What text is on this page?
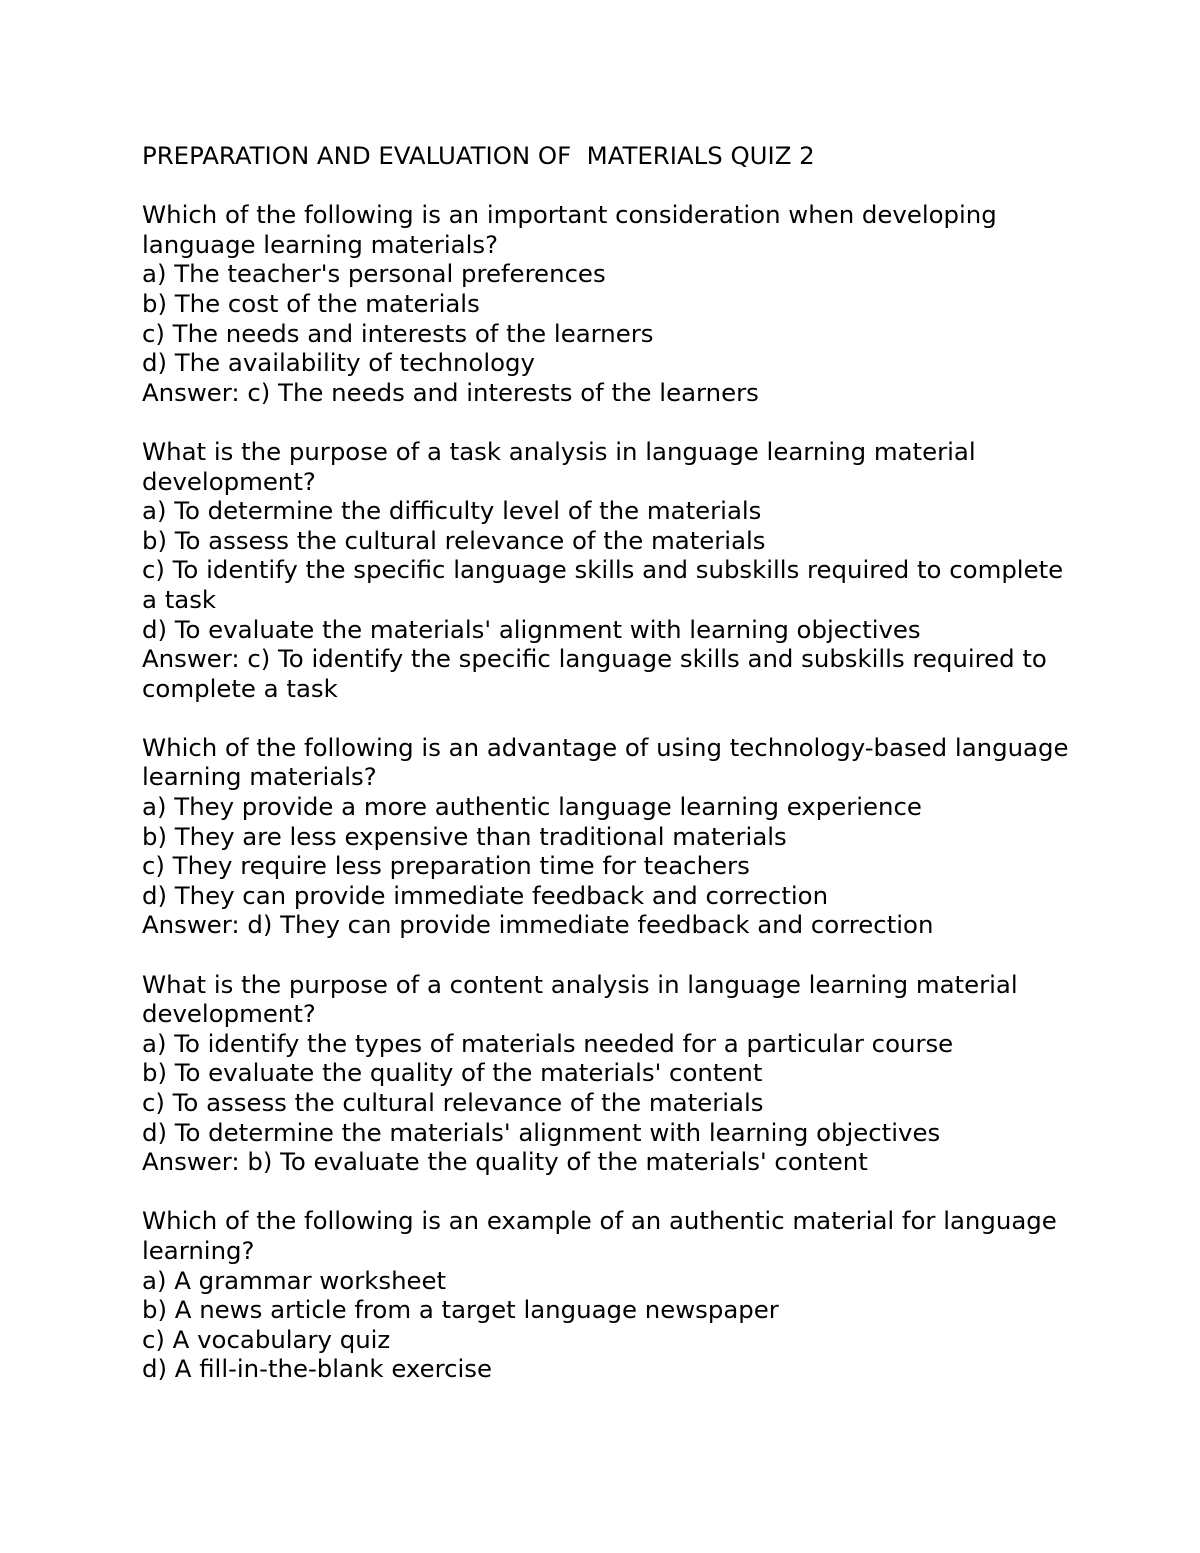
PREPARATION AND EVALUATION OF  MATERIALS QUIZ 2
Which of the following is an important consideration when developing language learning materials?
a) The teacher's personal preferences
b) The cost of the materials
c) The needs and interests of the learners
d) The availability of technology
Answer: c) The needs and interests of the learners
What is the purpose of a task analysis in language learning material development?
a) To determine the difficulty level of the materials
b) To assess the cultural relevance of the materials
c) To identify the specific language skills and subskills required to complete a task
d) To evaluate the materials' alignment with learning objectives
Answer: c) To identify the specific language skills and subskills required to complete a task
Which of the following is an advantage of using technology-based language learning materials?
a) They provide a more authentic language learning experience
b) They are less expensive than traditional materials
c) They require less preparation time for teachers
d) They can provide immediate feedback and correction
Answer: d) They can provide immediate feedback and correction
What is the purpose of a content analysis in language learning material development?
a) To identify the types of materials needed for a particular course
b) To evaluate the quality of the materials' content
c) To assess the cultural relevance of the materials
d) To determine the materials' alignment with learning objectives
Answer: b) To evaluate the quality of the materials' content
Which of the following is an example of an authentic material for language learning?
a) A grammar worksheet
b) A news article from a target language newspaper
c) A vocabulary quiz
d) A fill-in-the-blank exercise
